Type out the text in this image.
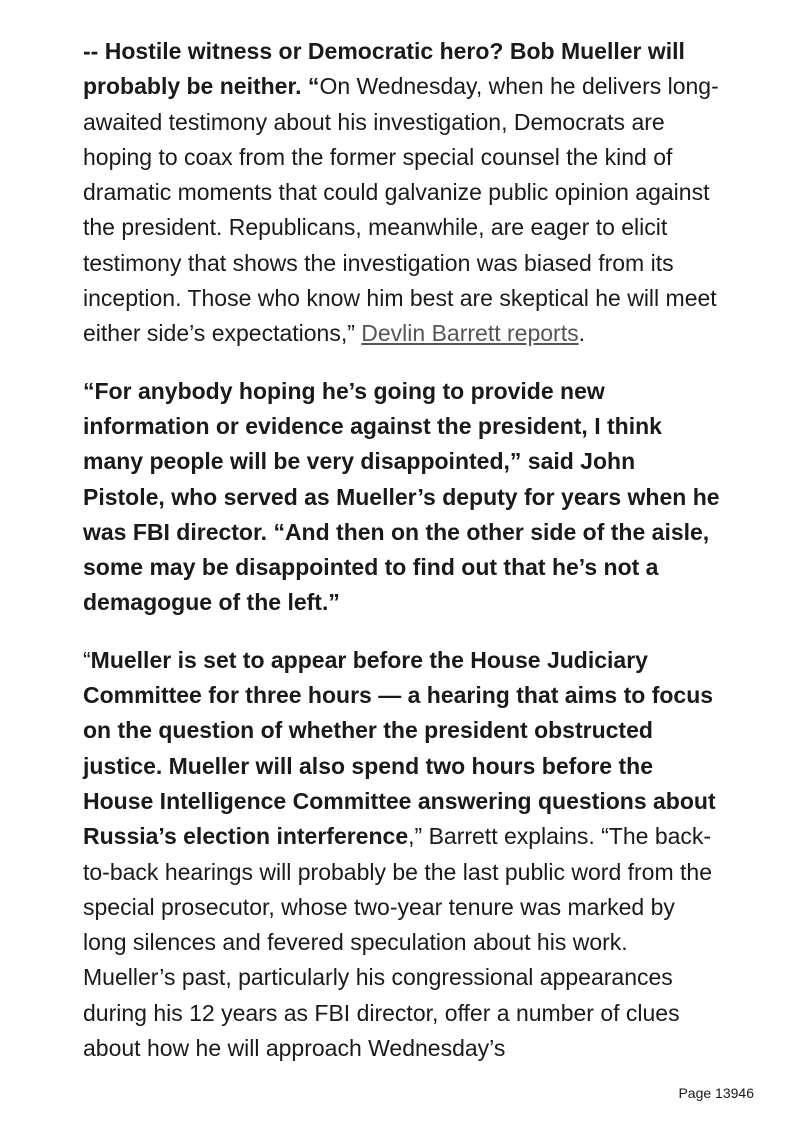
-- Hostile witness or Democratic hero? Bob Mueller will probably be neither. “On Wednesday, when he delivers long-awaited testimony about his investigation, Democrats are hoping to coax from the former special counsel the kind of dramatic moments that could galvanize public opinion against the president. Republicans, meanwhile, are eager to elicit testimony that shows the investigation was biased from its inception. Those who know him best are skeptical he will meet either side’s expectations,” Devlin Barrett reports.

“For anybody hoping he’s going to provide new information or evidence against the president, I think many people will be very disappointed,” said John Pistole, who served as Mueller’s deputy for years when he was FBI director. “And then on the other side of the aisle, some may be disappointed to find out that he’s not a demagogue of the left.”

“Mueller is set to appear before the House Judiciary Committee for three hours — a hearing that aims to focus on the question of whether the president obstructed justice. Mueller will also spend two hours before the House Intelligence Committee answering questions about Russia’s election interference,” Barrett explains. “The back-to-back hearings will probably be the last public word from the special prosecutor, whose two-year tenure was marked by long silences and fevered speculation about his work. Mueller’s past, particularly his congressional appearances during his 12 years as FBI director, offer a number of clues about how he will approach Wednesday’s

Page 13946
